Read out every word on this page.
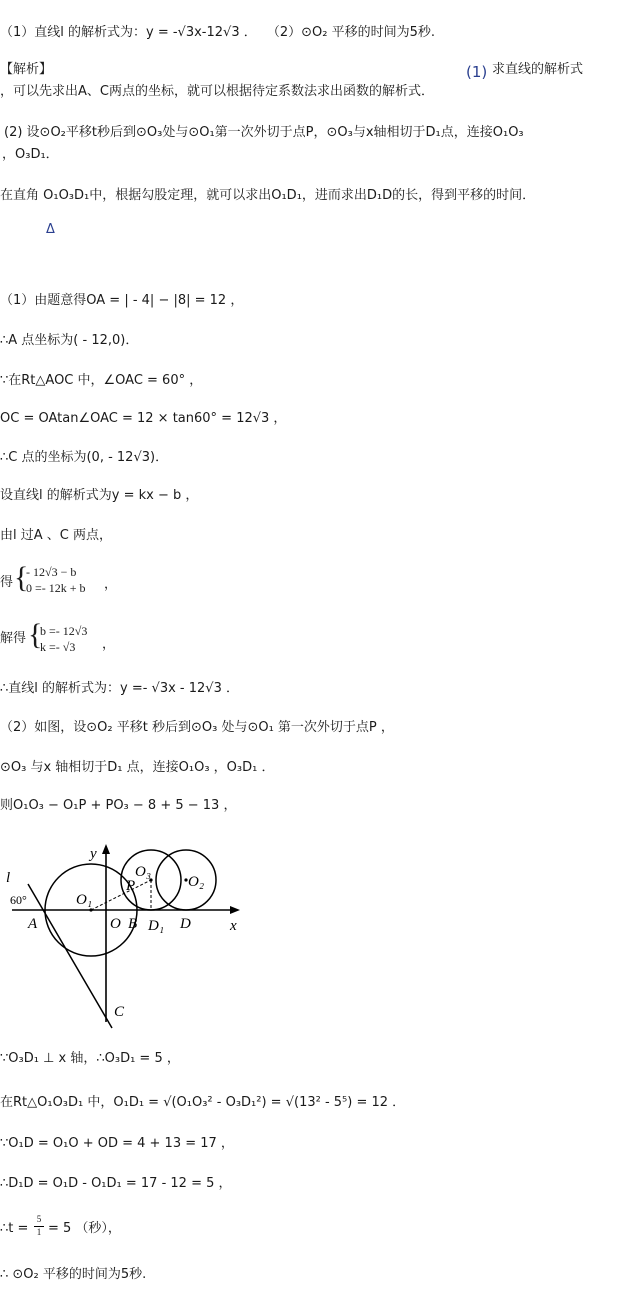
（1）直线l 的解析式为：y = -√3x-12√3 ． （2）⊙O₂ 平移的时间为5秒.
【解析】	(1) 求直线的解析式
，可以先求出A、C两点的坐标，就可以根据待定系数法求出函数的解析式．
(2) 设⊙O₂平移t秒后到⊙O₃处与⊙O₁第一次外切于点P，⊙O₃与x轴相切于D₁点，连接O₁O₃
，O₃D₁．
在直角 O₁O₃D₁中，根据勾股定理，就可以求出O₁D₁，进而求出D₁D的长，得到平移的时间．
Δ
（1）由题意得OA = | - 4| − |8| = 12 ，
∴A 点坐标为( - 12,0)．
∵在Rt△AOC 中，∠OAC = 60° ，
OC = OAtan∠OAC = 12 × tan60° = 12√3 ，
∴C 点的坐标为(0, - 12√3)．
设直线l 的解析式为y = kx − b ，
由l 过A 、C 两点，
得 {
- 12√3 − b
0 =- 12k + b ，
解得 {
b =- 12√3
k =- √3 ，
∴直线l 的解析式为：y =- √3x - 12√3 ．
（2）如图，设⊙O₂ 平移t 秒后到⊙O₃ 处与⊙O₁ 第一次外切于点P ，
⊙O₃ 与x 轴相切于D₁ 点，连接O₁O₃ ，O₃D₁ ．
则O₁O₃ − O₁P + PO₃ − 8 + 5 − 13 ，
l
y
60°
A
O₁
O B
P
O₃
O₂
D₁ D	x
C
∵O₃D₁ ⊥ x 轴，∴O₃D₁ = 5 ，
在Rt△O₁O₃D₁ 中，O₁D₁ = √(O₁O₃² - O₃D₁²) = √(13² - 5⁵) = 12 ．
∵O₁D = O₁O + OD = 4 + 13 = 17 ，
∴D₁D = O₁D - O₁D₁ = 17 - 12 = 5 ，
∴t =
5
1 = 5 （秒），
∴ ⊙O₂ 平移的时间为5秒.
